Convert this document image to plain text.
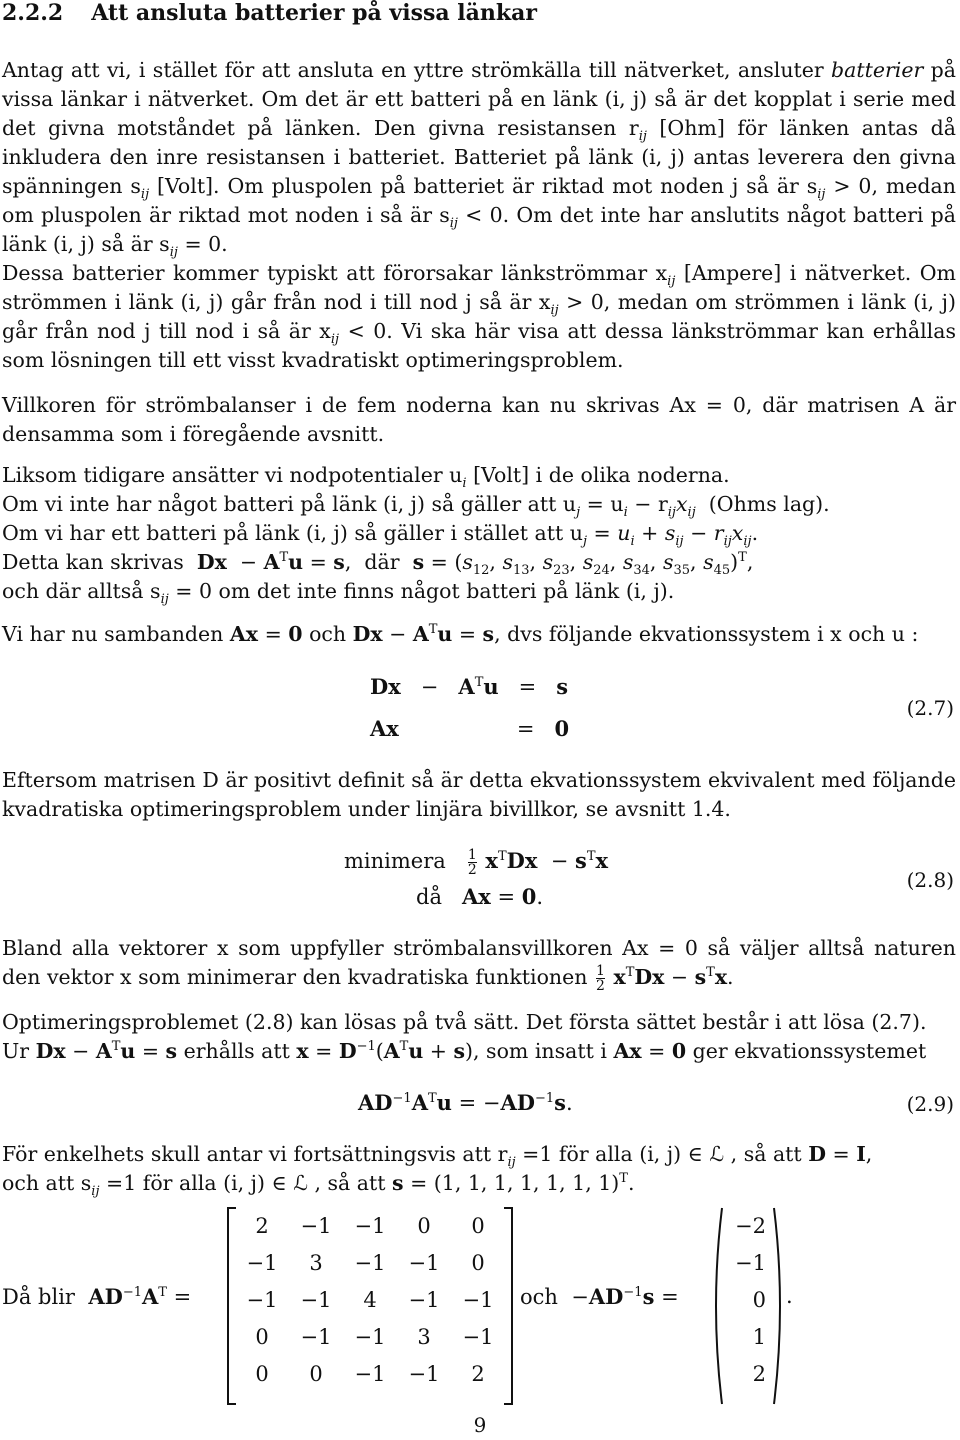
2.2.2 Att ansluta batterier på vissa länkar
Antag att vi, i stället för att ansluta en yttre strömkälla till nätverket, ansluter batterier på vissa länkar i nätverket. Om det är ett batteri på en länk (i, j) så är det kopplat i serie med det givna motståndet på länken. Den givna resistansen $r_{ij}$ [Ohm] för länken antas då inkludera den inre resistansen i batteriet. Batteriet på länk (i, j) antas leverera den givna spänningen $s_{ij}$ [Volt]. Om pluspolen på batteriet är riktad mot noden j så är $s_{ij} > 0$, medan om pluspolen är riktad mot noden i så är $s_{ij} < 0$. Om det inte har anslutits något batteri på länk (i, j) så är $s_{ij} = 0$.
Dessa batterier kommer typiskt att förorsakar länkströmmar $x_{ij}$ [Ampere] i nätverket. Om strömmen i länk (i, j) går från nod i till nod j så är $x_{ij} > 0$, medan om strömmen i länk (i, j) går från nod j till nod i så är $x_{ij} < 0$. Vi ska här visa att dessa länkströmmar kan erhållas som lösningen till ett visst kvadratiskt optimeringsproblem.
Villkoren för strömbalanser i de fem noderna kan nu skrivas Ax = 0, där matrisen A är densamma som i föregående avsnitt.
Liksom tidigare ansätter vi nodpotentialer $u_i$ [Volt] i de olika noderna.
Om vi inte har något batteri på länk (i, j) så gäller att $u_j = u_i - r_{ij}x_{ij}$ (Ohms lag).
Om vi har ett batteri på länk (i, j) så gäller i stället att $u_j = u_i + s_{ij} - r_{ij}x_{ij}$.
Detta kan skrivas $Dx - A^Tu = s$,  där $s = (s_{12}$, $s_{13}$, $s_{23}$, $s_{24}$, $s_{34}$, $s_{35}$, $s_{45})^T$,
och där alltså $s_{ij} = 0$ om det inte finns något batteri på länk (i, j).
Vi har nu sambanden Ax = 0 och $Dx - A^Tu = s$, dvs följande ekvationssystem i x och u :
$Dx - A^Tu = s$
Ax	=   0
(2.7)
Eftersom matrisen D är positivt definit så är detta ekvationssystem ekvivalent med följande kvadratiska optimeringsproblem under linjära bivillkor, se avsnitt 1.4.
minimera $\frac{1}{2} x^TDx - s^Tx$
då Ax = 0.
(2.8)
Bland alla vektorer x som uppfyller strömbalansvillkoren Ax = 0 så väljer alltså naturen den vektor x som minimerar den kvadratiska funktionen $\frac{1}{2} x^TDx - s^Tx$.
Optimeringsproblemet (2.8) kan lösas på två sätt. Det första sättet består i att lösa (2.7).
Ur $Dx - A^Tu = s$ erhålls att $x = D^{-1}(A^Tu + s)$, som insatt i Ax = 0 ger ekvationssystemet
$AD^{-1}A^Tu = -AD^{-1}s$.	(2.9)
För enkelhets skull antar vi fortsättningsvis att $r_{ij} =1$ för alla (i, j) ∈ ℒ , så att D = I,
och att $s_{ij} =1$ för alla (i, j) ∈ ℒ , så att s = (1, 1, 1, 1, 1, 1, 1)$^T$.
Då blir $AD^{-1}A^T$ =
2	−1	−1	0	0
−1	3	−1	−1	0
−1	−1	4	−1	−1
0	−1	−1	3	−1
0	0	−1	−1	2
och  $-AD^{-1}s$ =
−2
−1
0
1
2
.
9
